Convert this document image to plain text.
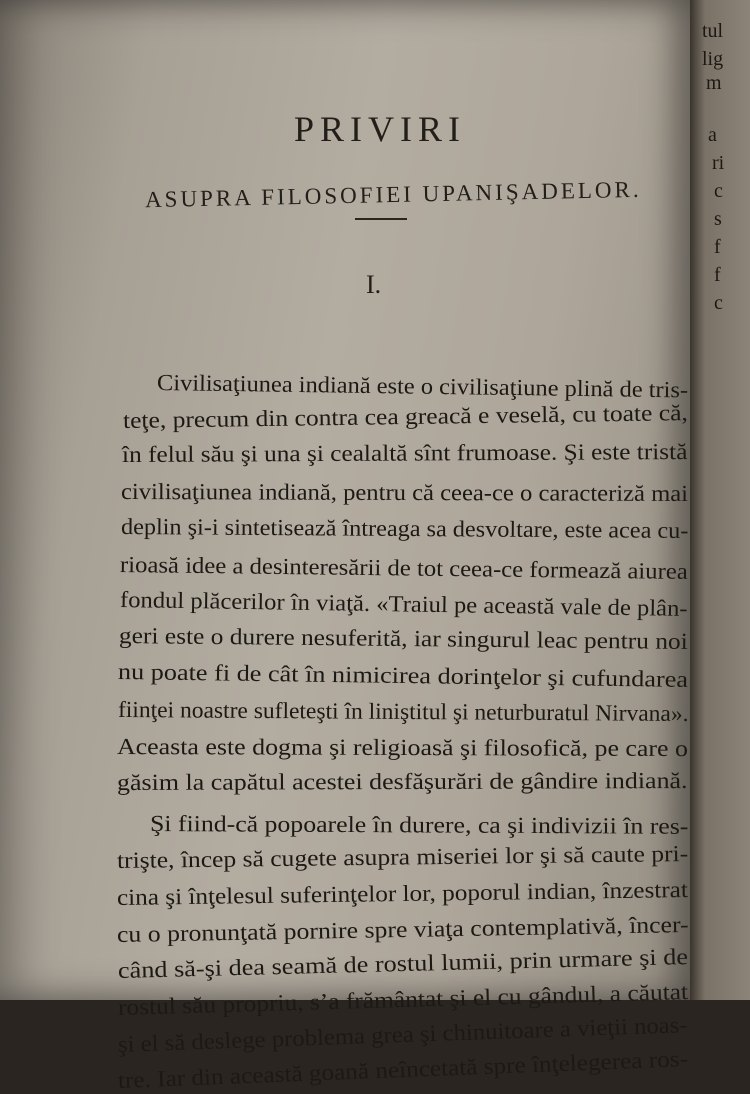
PRIVIRI
ASUPRA FILOSOFIEI UPANIŞADELOR.
I.
Civilisaţiunea indiană este o civilisaţiune plină de tris-
teţe, precum din contra cea greacă e veselă, cu toate că,
în felul său şi una şi cealaltă sînt frumoase. Şi este tristă
civilisaţiunea indiană, pentru că ceea-ce o caracteriză mai
deplin şi-i sintetisează întreaga sa desvoltare, este acea cu-
rioasă idee a desinteresării de tot ceea-ce formează aiurea
fondul plăcerilor în viaţă. «Traiul pe această vale de plân-
geri este o durere nesuferită, iar singurul leac pentru noi
nu poate fi de cât în nimicirea dorinţelor şi cufundarea
fiinţei noastre sufleteşti în liniştitul şi neturburatul Nirvana».
Aceasta este dogma şi religioasă şi filosofică, pe care o
găsim la capătul acestei desfăşurări de gândire indiană.
Şi fiind-că popoarele în durere, ca şi indivizii în res-
trişte, încep să cugete asupra miseriei lor şi să caute pri-
cina şi înţelesul suferinţelor lor, poporul indian, înzestrat
cu o pronunţată pornire spre viaţa contemplativă, încer-
când să-şi dea seamă de rostul lumii, prin urmare şi de
rostul său propriu, s’a frământat şi el cu gândul, a căutat
şi el să deslege problema grea şi chinuitoare a vieţii noas-
tre. Iar din această goană neîncetată spre înţelegerea ros-
tul
lig
m
a
ri
c
s
f
f
c
